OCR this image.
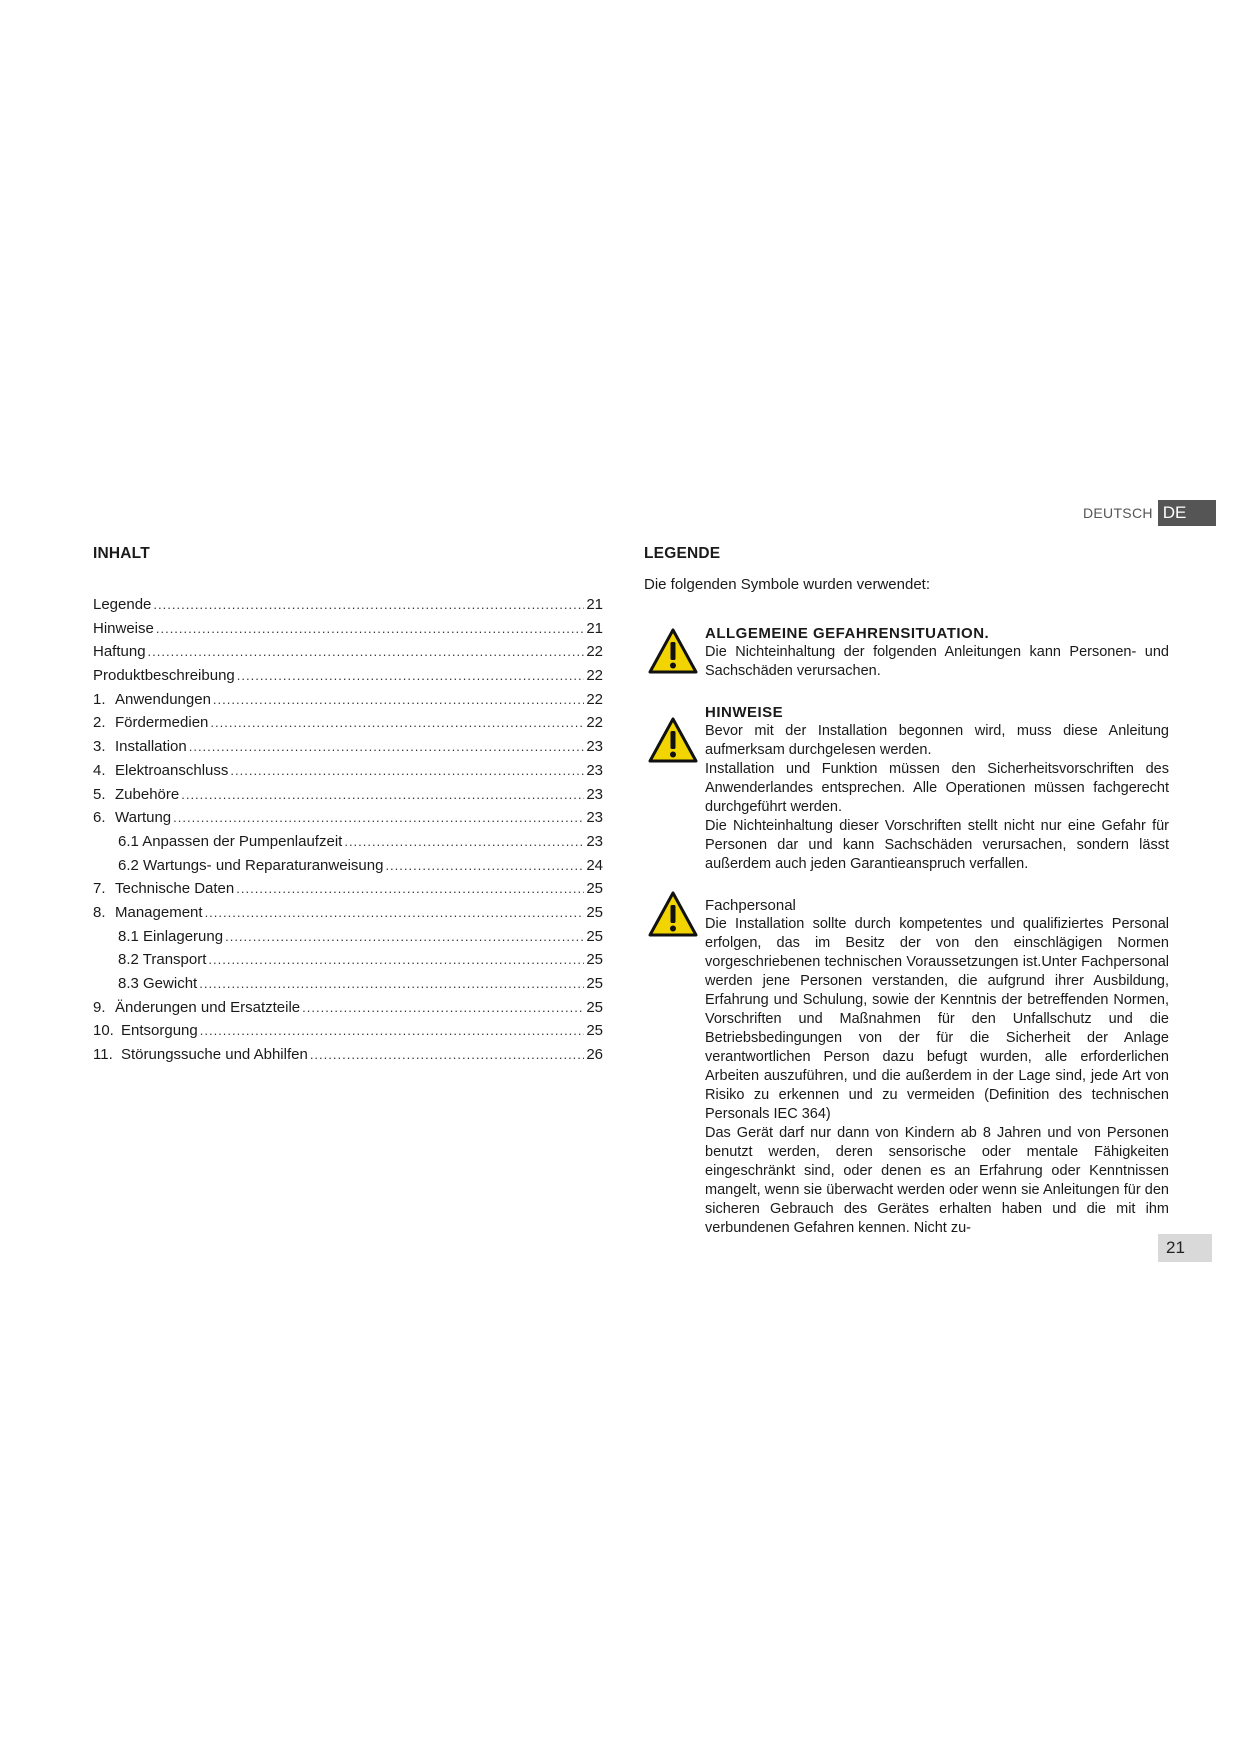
DEUTSCH DE
INHALT
Legende .....	21
Hinweise .....	21
Haftung .....	22
Produktbeschreibung .....	22
1. Anwendungen .....	22
2. Fördermedien .....	22
3. Installation .....	23
4. Elektroanschluss .....	23
5. Zubehöre .....	23
6. Wartung .....	23
6.1 Anpassen der Pumpenlaufzeit .....	23
6.2 Wartungs- und Reparaturanweisung .....	24
7. Technische Daten .....	25
8. Management .....	25
8.1 Einlagerung .....	25
8.2 Transport .....	25
8.3 Gewicht .....	25
9. Änderungen und Ersatzteile .....	25
10. Entsorgung .....	25
11. Störungssuche und Abhilfen .....	26
LEGENDE
Die folgenden Symbole wurden verwendet:
ALLGEMEINE GEFAHRENSITUATION.

Die Nichteinhaltung der folgenden Anleitungen kann Personen- und Sachschäden verursachen.

HINWEISE

Bevor mit der Installation begonnen wird, muss diese Anleitung aufmerksam durchgelesen werden.

Installation und Funktion müssen den Sicherheitsvorschriften des Anwenderlandes entsprechen. Alle Operationen müssen fachgerecht durchgeführt werden.

Die Nichteinhaltung dieser Vorschriften stellt nicht nur eine Gefahr für Personen dar und kann Sachschäden verursachen, sondern lässt außerdem auch jeden Garantieanspruch verfallen.

Fachpersonal

Die Installation sollte durch kompetentes und qualifiziertes Personal erfolgen, das im Besitz der von den einschlägigen Normen vorgeschriebenen technischen Voraussetzungen ist.Unter Fachpersonal werden jene Personen verstanden, die aufgrund ihrer Ausbildung, Erfahrung und Schulung, sowie der Kenntnis der betreffenden Normen, Vorschriften und Maßnahmen für den Unfallschutz und die Betriebsbedingungen von der für die Sicherheit der Anlage verantwortlichen Person dazu befugt wurden, alle erforderlichen Arbeiten auszuführen, und die außerdem in der Lage sind, jede Art von Risiko zu erkennen und zu vermeiden (Definition des technischen Personals IEC 364)

Das Gerät darf nur dann von Kindern ab 8 Jahren und von Personen benutzt werden, deren sensorische oder mentale Fähigkeiten eingeschränkt sind, oder denen es an Erfahrung oder Kenntnissen mangelt, wenn sie überwacht werden oder wenn sie Anleitungen für den sicheren Gebrauch des Gerätes erhalten haben und die mit ihm verbundenen Gefahren kennen. Nicht zu-

21
